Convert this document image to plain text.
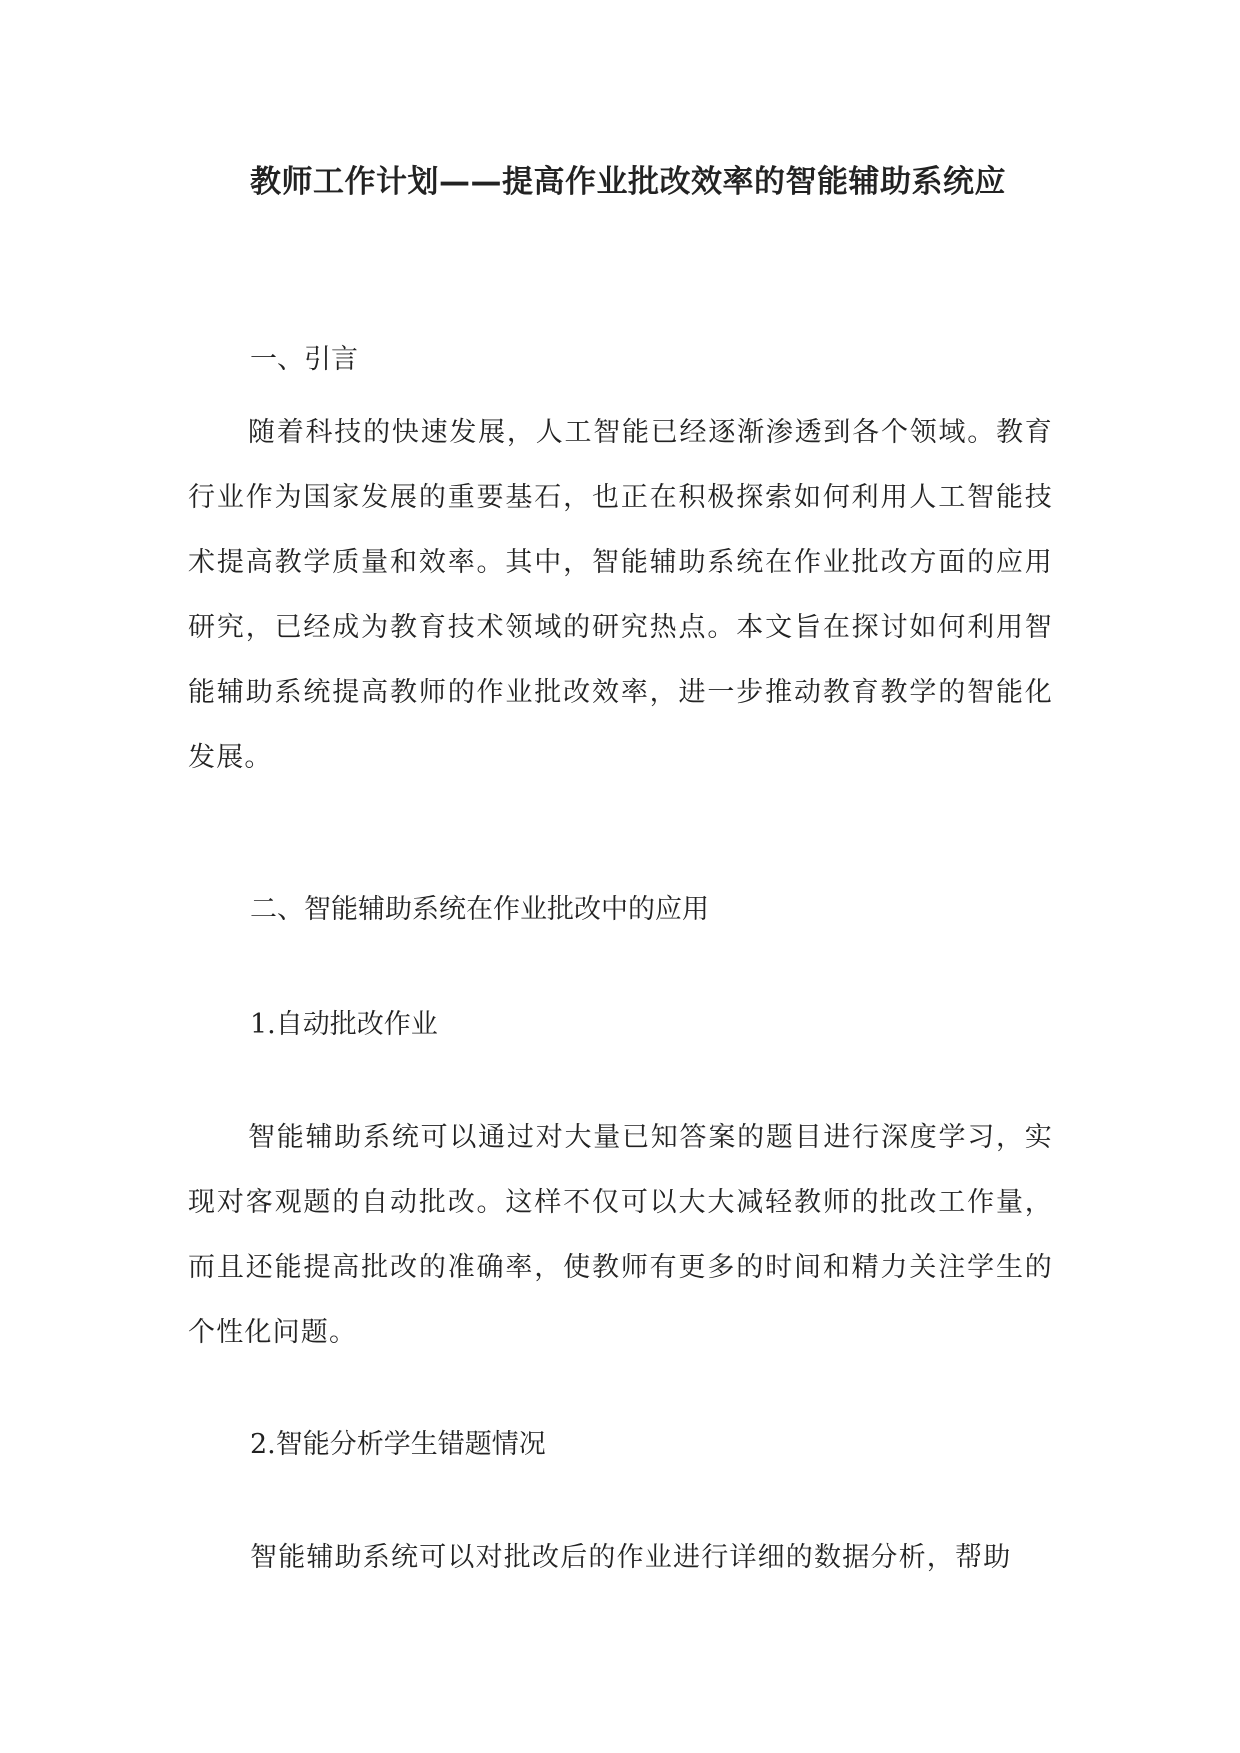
教师工作计划——提高作业批改效率的智能辅助系统应
一、引言
随着科技的快速发展，人工智能已经逐渐渗透到各个领域。教育行业作为国家发展的重要基石，也正在积极探索如何利用人工智能技术提高教学质量和效率。其中，智能辅助系统在作业批改方面的应用研究，已经成为教育技术领域的研究热点。本文旨在探讨如何利用智能辅助系统提高教师的作业批改效率，进一步推动教育教学的智能化发展。
二、智能辅助系统在作业批改中的应用
1.自动批改作业
智能辅助系统可以通过对大量已知答案的题目进行深度学习，实现对客观题的自动批改。这样不仅可以大大减轻教师的批改工作量，而且还能提高批改的准确率，使教师有更多的时间和精力关注学生的个性化问题。
2.智能分析学生错题情况
智能辅助系统可以对批改后的作业进行详细的数据分析，帮助
